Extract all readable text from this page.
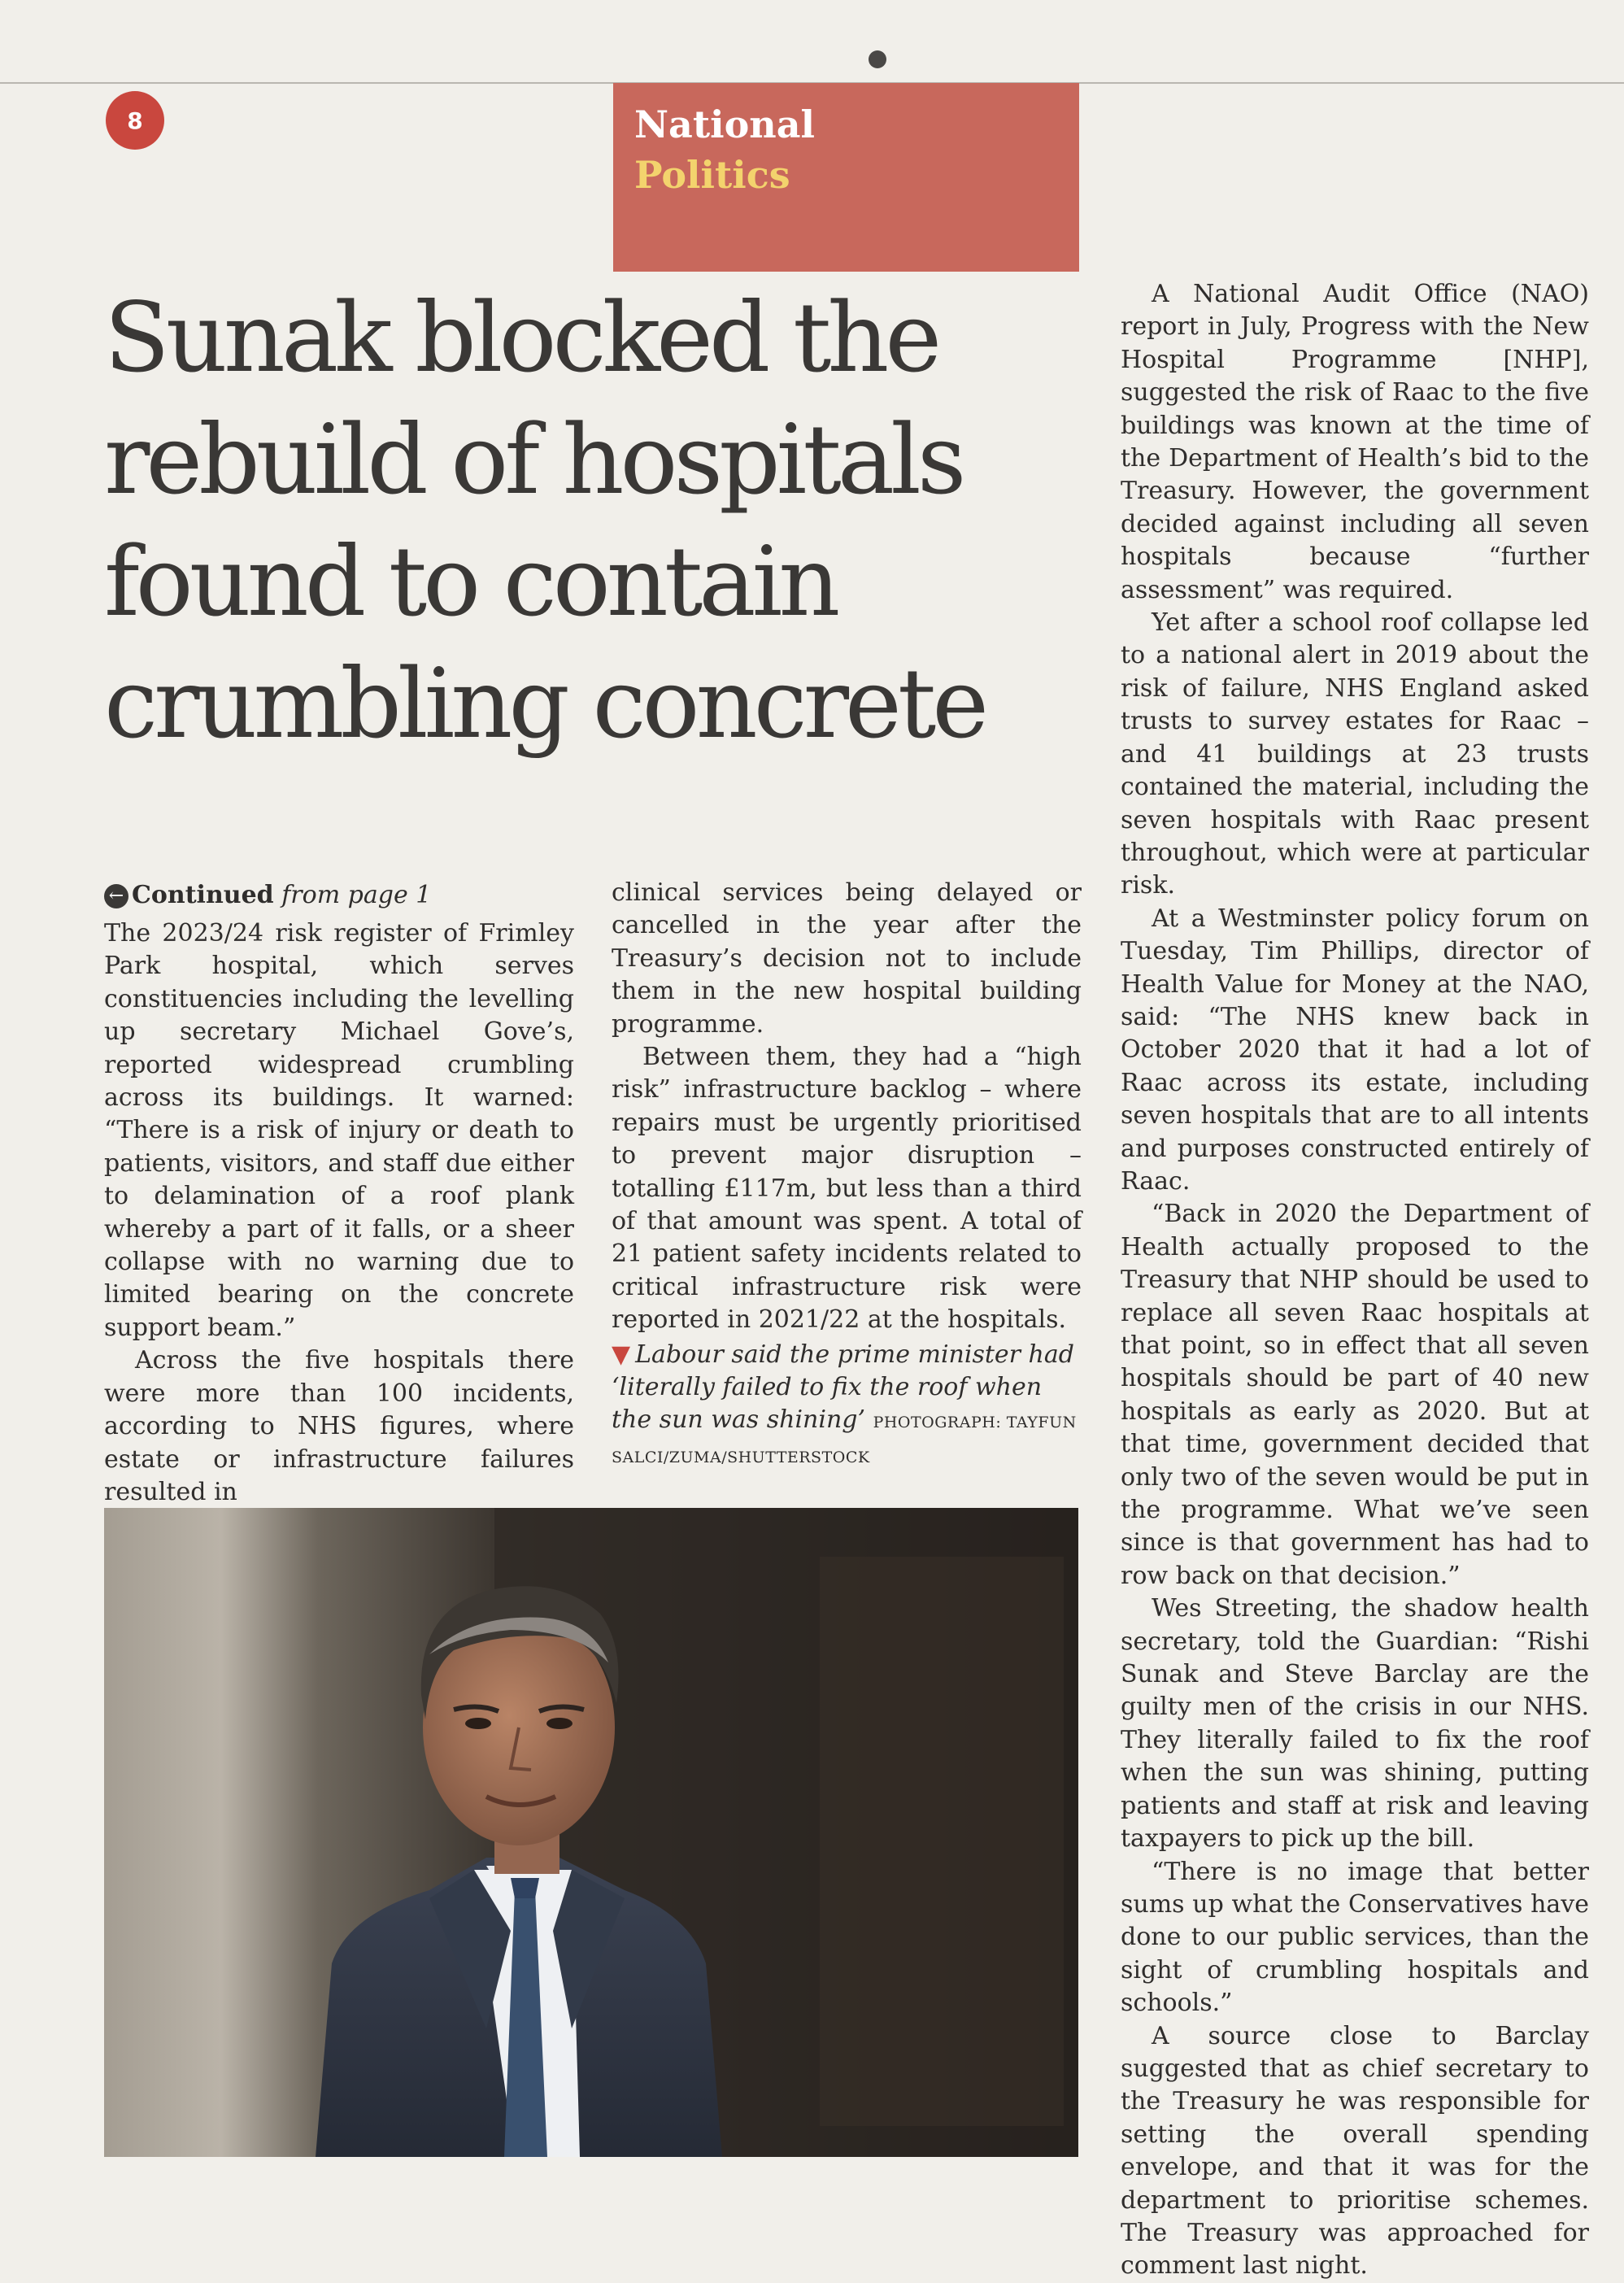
8	National
Politics
Sunak blocked the rebuild of hospitals found to contain crumbling concrete
← Continued from page 1

The 2023/24 risk register of Frimley Park hospital, which serves constituencies including the levelling up secretary Michael Gove’s, reported widespread crumbling across its buildings. It warned: “There is a risk of injury or death to patients, visitors, and staff due either to delamination of a roof plank whereby a part of it falls, or a sheer collapse with no warning due to limited bearing on the concrete support beam.”

Across the five hospitals there were more than 100 incidents, according to NHS figures, where estate or infrastructure failures resulted in

clinical services being delayed or cancelled in the year after the Treasury’s decision not to include them in the new hospital building programme.

Between them, they had a “high risk” infrastructure backlog – where repairs must be urgently prioritised to prevent major disruption – totalling £117m, but less than a third of that amount was spent. A total of 21 patient safety incidents related to critical infrastructure risk were reported in 2021/22 at the hospitals.

▼ Labour said the prime minister had ‘literally failed to fix the roof when the sun was shining’ PHOTOGRAPH: TAYFUN SALCI/ZUMA/SHUTTERSTOCK

A National Audit Office (NAO) report in July, Progress with the New Hospital Programme [NHP], suggested the risk of Raac to the five buildings was known at the time of the Department of Health’s bid to the Treasury. However, the government decided against including all seven hospitals because “further assessment” was required.

Yet after a school roof collapse led to a national alert in 2019 about the risk of failure, NHS England asked trusts to survey estates for Raac – and 41 buildings at 23 trusts contained the material, including the seven hospitals with Raac present throughout, which were at particular risk.

At a Westminster policy forum on Tuesday, Tim Phillips, director of Health Value for Money at the NAO, said: “The NHS knew back in October 2020 that it had a lot of Raac across its estate, including seven hospitals that are to all intents and purposes constructed entirely of Raac.

“Back in 2020 the Department of Health actually proposed to the Treasury that NHP should be used to replace all seven Raac hospitals at that point, so in effect that all seven hospitals should be part of 40 new hospitals as early as 2020. But at that time, government decided that only two of the seven would be put in the programme. What we’ve seen since is that government has had to row back on that decision.”

Wes Streeting, the shadow health secretary, told the Guardian: “Rishi Sunak and Steve Barclay are the guilty men of the crisis in our NHS. They literally failed to fix the roof when the sun was shining, putting patients and staff at risk and leaving taxpayers to pick up the bill.

“There is no image that better sums up what the Conservatives have done to our public services, than the sight of crumbling hospitals and schools.”

A source close to Barclay suggested that as chief secretary to the Treasury he was responsible for setting the overall spending envelope, and that it was for the department to prioritise schemes. The Treasury was approached for comment last night.
